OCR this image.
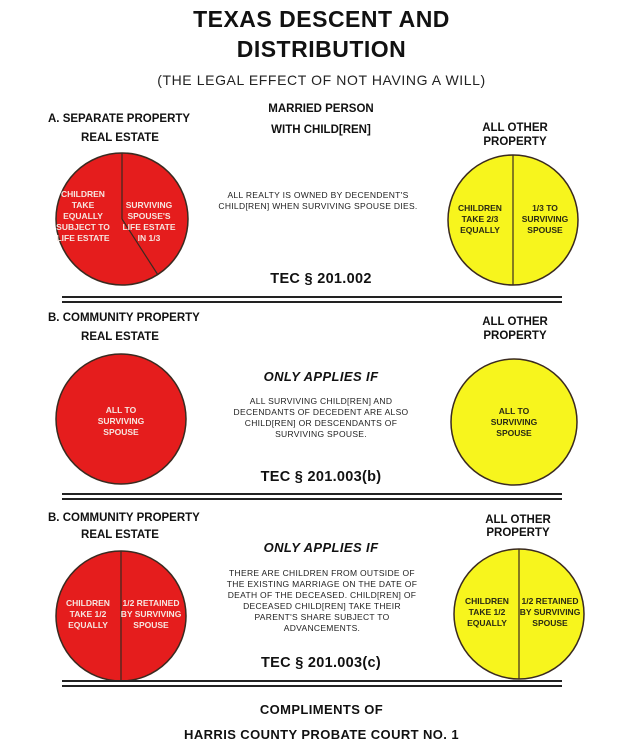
TEXAS DESCENT AND
DISTRIBUTION
(THE LEGAL EFFECT OF NOT HAVING A WILL)
MARRIED PERSON
WITH CHILD[REN]
A. SEPARATE PROPERTY
REAL ESTATE
ALL OTHER
PROPERTY
CHILDREN TAKE EQUALLY SUBJECT TO LIFE ESTATE
SURVIVING SPOUSE'S LIFE ESTATE IN 1/3
ALL REALTY IS OWNED BY DECENDENT'S CHILD[REN] WHEN SURVIVING SPOUSE DIES.
TEC § 201.002
CHILDREN TAKE 2/3 EQUALLY
1/3 TO SURVIVING SPOUSE
B. COMMUNITY PROPERTY
REAL ESTATE
ALL OTHER
PROPERTY
ALL TO SURVIVING SPOUSE
ONLY APPLIES IF
ALL SURVIVING CHILD[REN] AND DECENDANTS OF DECEDENT ARE ALSO CHILD[REN] OR DESCENDANTS OF SURVIVING SPOUSE.
TEC § 201.003(b)
ALL TO SURVIVING SPOUSE
B. COMMUNITY PROPERTY
REAL ESTATE
ALL OTHER
PROPERTY
CHILDREN TAKE 1/2 EQUALLY
1/2 RETAINED BY SURVIVING SPOUSE
ONLY APPLIES IF
THERE ARE CHILDREN FROM OUTSIDE OF THE EXISTING MARRIAGE ON THE DATE OF DEATH OF THE DECEASED. CHILD[REN] OF DECEASED CHILD[REN] TAKE THEIR PARENT'S SHARE SUBJECT TO ADVANCEMENTS.
TEC § 201.003(c)
CHILDREN TAKE 1/2 EQUALLY
1/2 RETAINED BY SURVIVING SPOUSE
COMPLIMENTS OF
HARRIS COUNTY PROBATE COURT NO. 1
